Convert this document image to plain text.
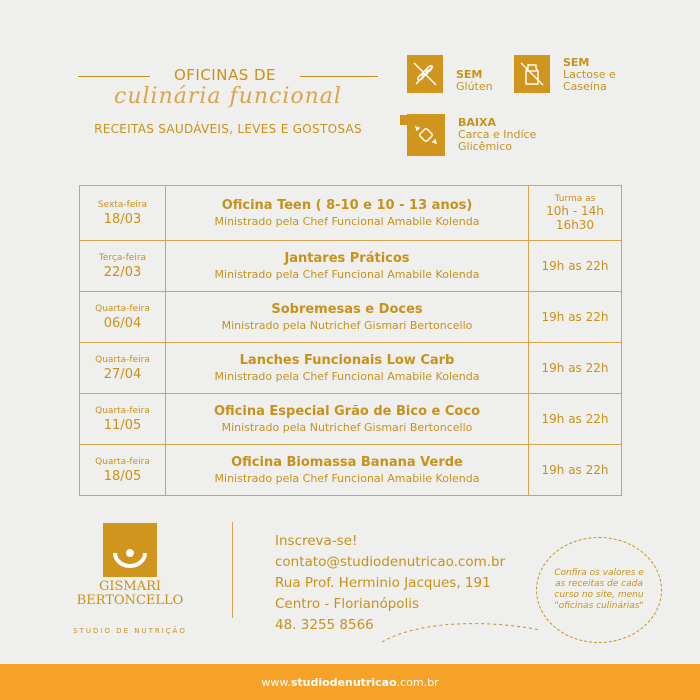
OFICINAS DE
culinária funcional
RECEITAS SAUDÁVEIS, LEVES E GOSTOSAS
SEM
Glúten
SEM
Lactose e Caseína
BAIXA
Carca e Indíce Glicêmico
Sexta-feira
18/03
Oficina Teen ( 8-10 e 10 - 13 anos)
Ministrado pela Chef Funcional Amabile Kolenda
Turma as
10h - 14h 16h30
Terça-feira
22/03
Jantares Práticos
Ministrado pela Chef Funcional Amabile Kolenda
19h as 22h
Quarta-feira
06/04
Sobremesas e Doces
Ministrado pela Nutrichef Gismari Bertoncello
19h as 22h
Quarta-feira
27/04
Lanches Funcionais Low Carb
Ministrado pela Chef Funcional Amabile Kolenda
19h as 22h
Quarta-feira
11/05
Oficina Especial Grão de Bico e Coco
Ministrado pela Nutrichef Gismari Bertoncello
19h as 22h
Quarta-feira
18/05
Oficina Biomassa Banana Verde
Ministrado pela Chef Funcional Amabile Kolenda
19h as 22h
GISMARI
BERTONCELLO
STUDIO DE NUTRIÇÃO
Inscreva-se!
contato@studiodenutricao.com.br
Rua Prof. Herminio Jacques, 191
Centro - Florianópolis
48. 3255 8566
Confira os valores e as receitas de cada curso no site, menu "oficinas culinárias"
www.studiodenutricao.com.br
